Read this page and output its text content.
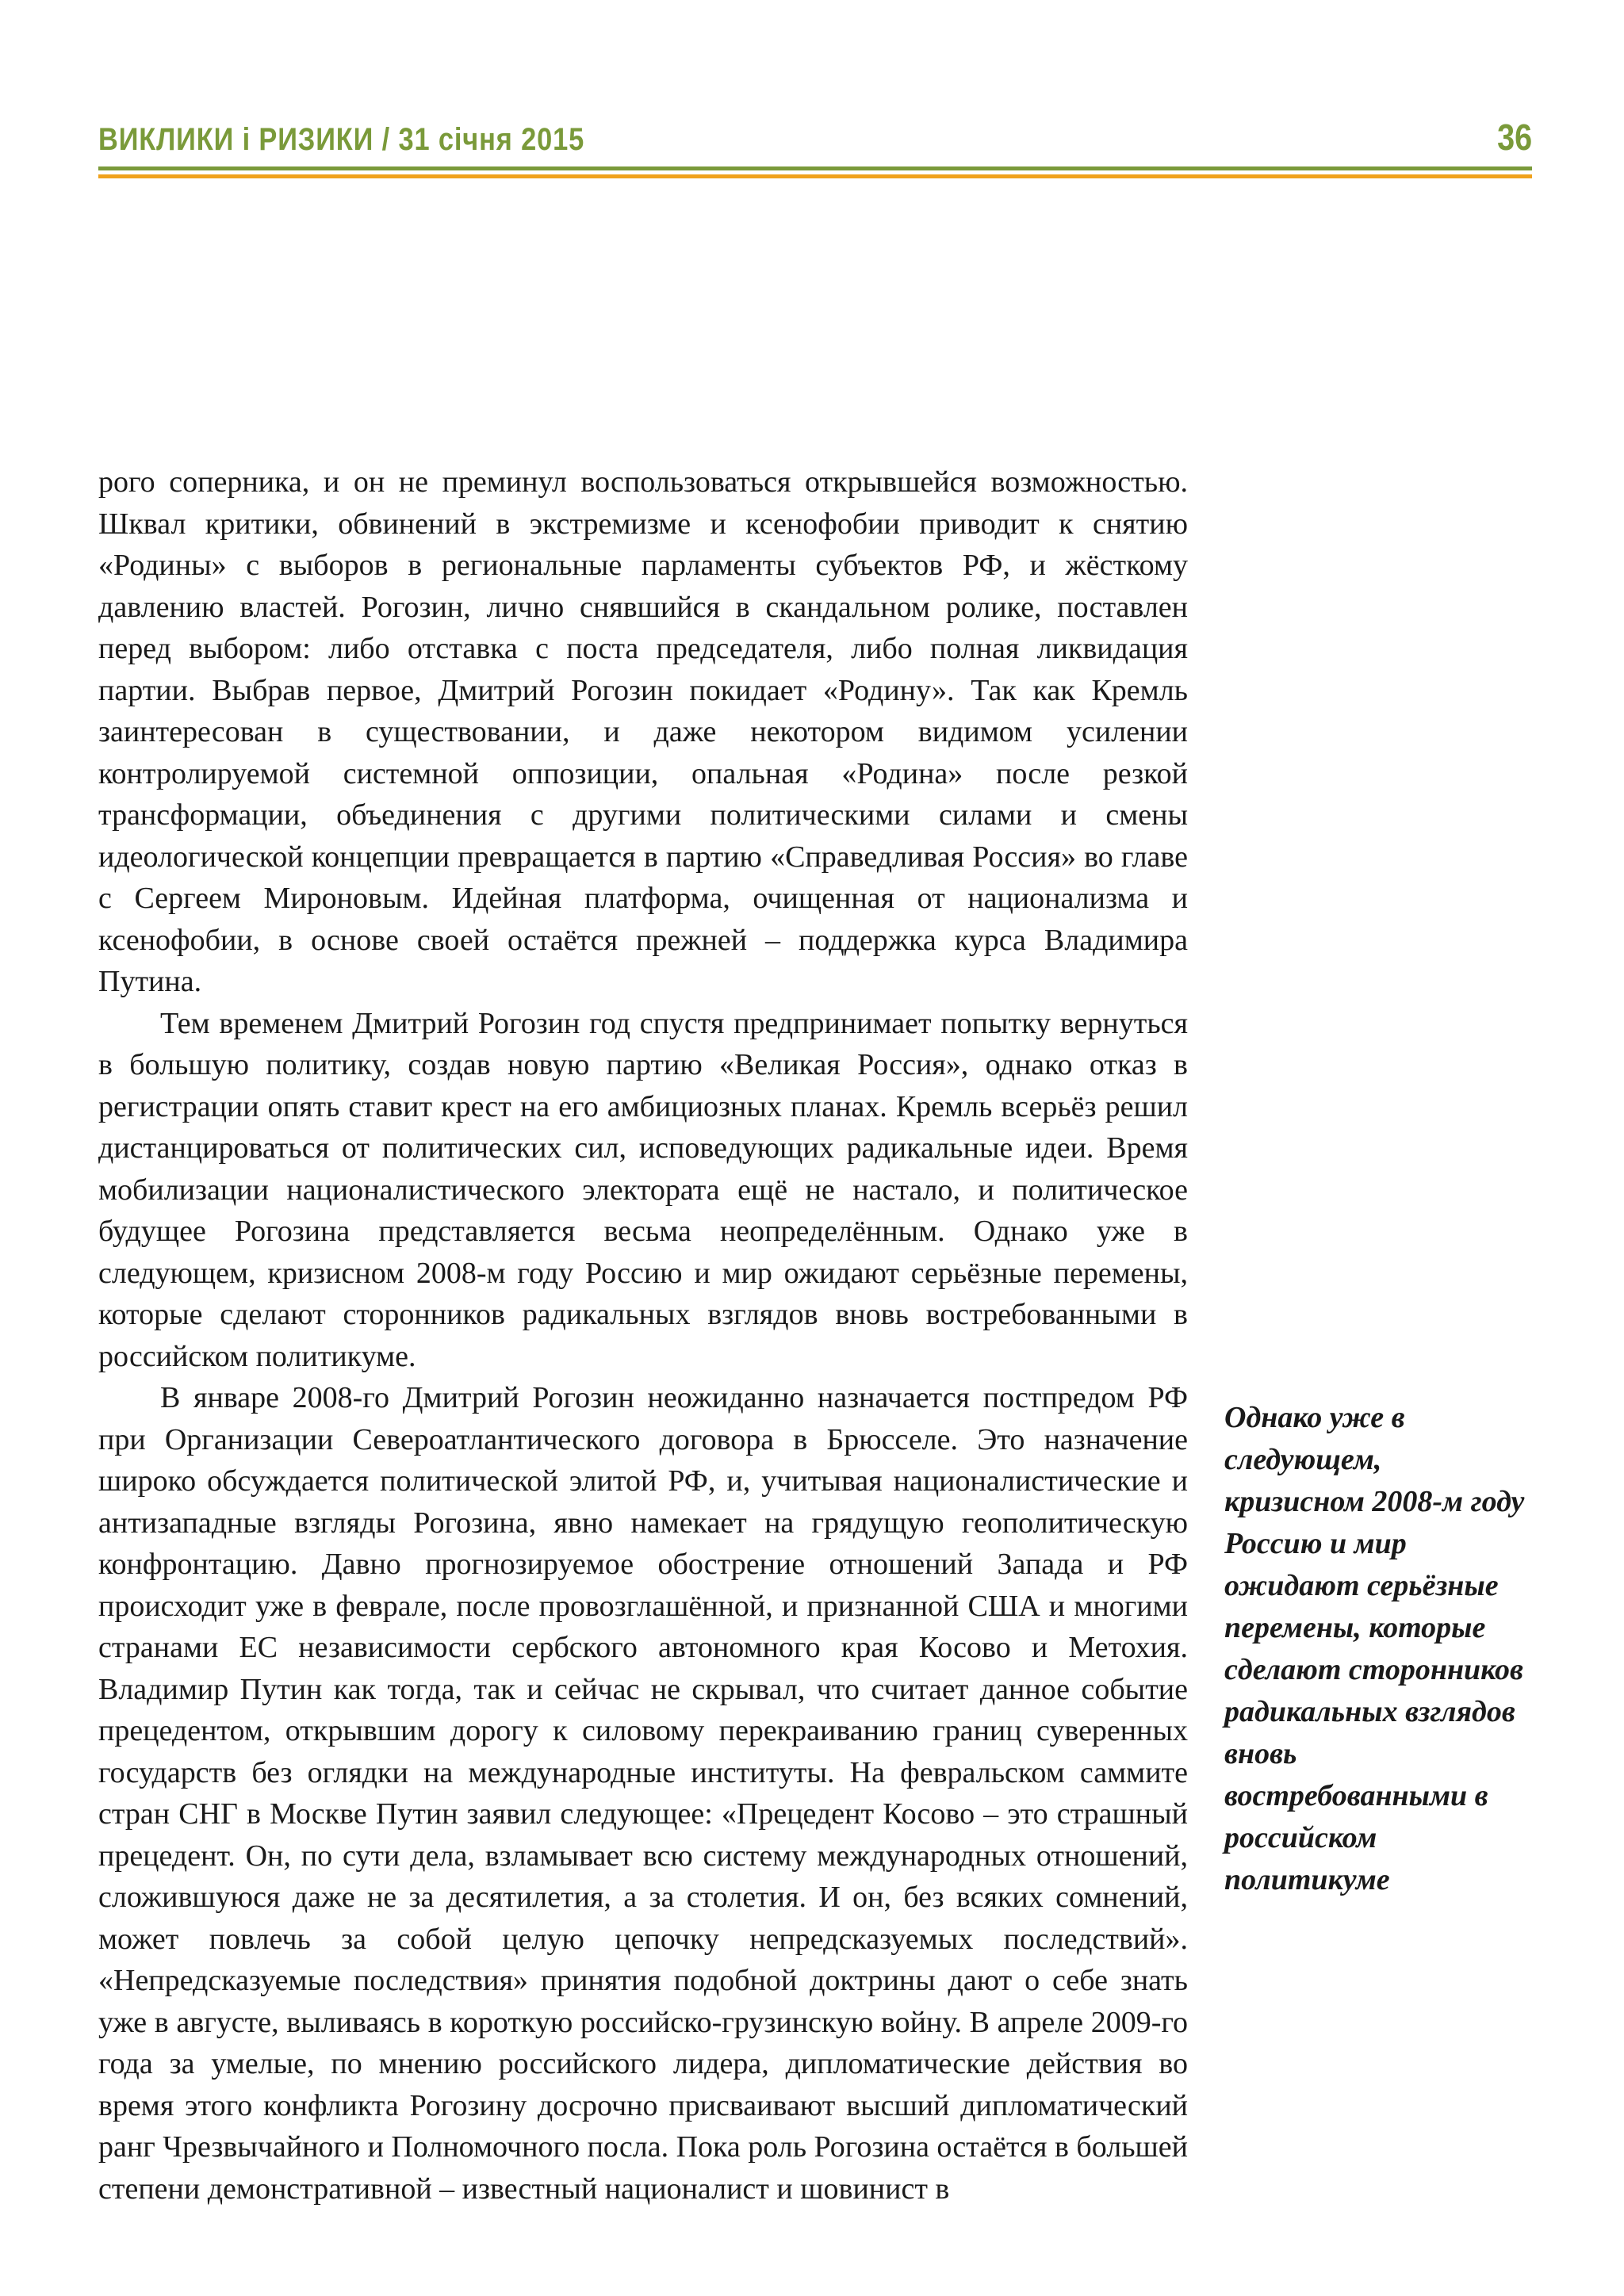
ВИКЛИКИ і РИЗИКИ / 31 січня 2015	36

рого соперника, и он не преминул воспользоваться открывшейся возможностью. Шквал критики, обвинений в экстремизме и ксенофобии приводит к снятию «Родины» с выборов в региональные парламенты субъектов РФ, и жёсткому давлению властей. Рогозин, лично снявшийся в скандальном ролике, поставлен перед выбором: либо отставка с поста председателя, либо полная ликвидация партии. Выбрав первое, Дмитрий Рогозин покидает «Родину». Так как Кремль заинтересован в существовании, и даже некотором видимом усилении контролируемой системной оппозиции, опальная «Родина» после резкой трансформации, объединения с другими политическими силами и смены идеологической концепции превращается в партию «Справедливая Россия» во главе с Сергеем Мироновым. Идейная платформа, очищенная от национализма и ксенофобии, в основе своей остаётся прежней – поддержка курса Владимира Путина.

Тем временем Дмитрий Рогозин год спустя предпринимает попытку вернуться в большую политику, создав новую партию «Великая Россия», однако отказ в регистрации опять ставит крест на его амбициозных планах. Кремль всерьёз решил дистанцироваться от политических сил, исповедующих радикальные идеи. Время мобилизации националистического электората ещё не настало, и политическое будущее Рогозина представляется весьма неопределённым. Однако уже в следующем, кризисном 2008-м году Россию и мир ожидают серьёзные перемены, которые сделают сторонников радикальных взглядов вновь востребованными в российском политикуме.

В январе 2008-го Дмитрий Рогозин неожиданно назначается постпредом РФ при Организации Североатлантического договора в Брюсселе. Это назначение широко обсуждается политической элитой РФ, и, учитывая националистические и антизападные взгляды Рогозина, явно намекает на грядущую геополитическую конфронтацию. Давно прогнозируемое обострение отношений Запада и РФ происходит уже в феврале, после провозглашённой, и признанной США и многими странами ЕС независимости сербского автономного края Косово и Метохия. Владимир Путин как тогда, так и сейчас не скрывал, что считает данное событие прецедентом, открывшим дорогу к силовому перекраиванию границ суверенных государств без оглядки на международные институты. На февральском саммите стран СНГ в Москве Путин заявил следующее: «Прецедент Косово – это страшный прецедент. Он, по сути дела, взламывает всю систему международных отношений, сложившуюся даже не за десятилетия, а за столетия. И он, без всяких сомнений, может повлечь за собой целую цепочку непредсказуемых последствий». «Непредсказуемые последствия» принятия подобной доктрины дают о себе знать уже в августе, выливаясь в короткую российско-грузинскую войну. В апреле 2009-го года за умелые, по мнению российского лидера, дипломатические действия во время этого конфликта Рогозину досрочно присваивают высший дипломатический ранг Чрезвычайного и Полномочного посла. Пока роль Рогозина остаётся в большей степени демонстративной – известный националист и шовинист в

Однако уже в следующем, кризисном 2008-м году Россию и мир ожидают серьёзные перемены, которые сделают сторонников радикальных взглядов вновь востребованными в российском политикуме
